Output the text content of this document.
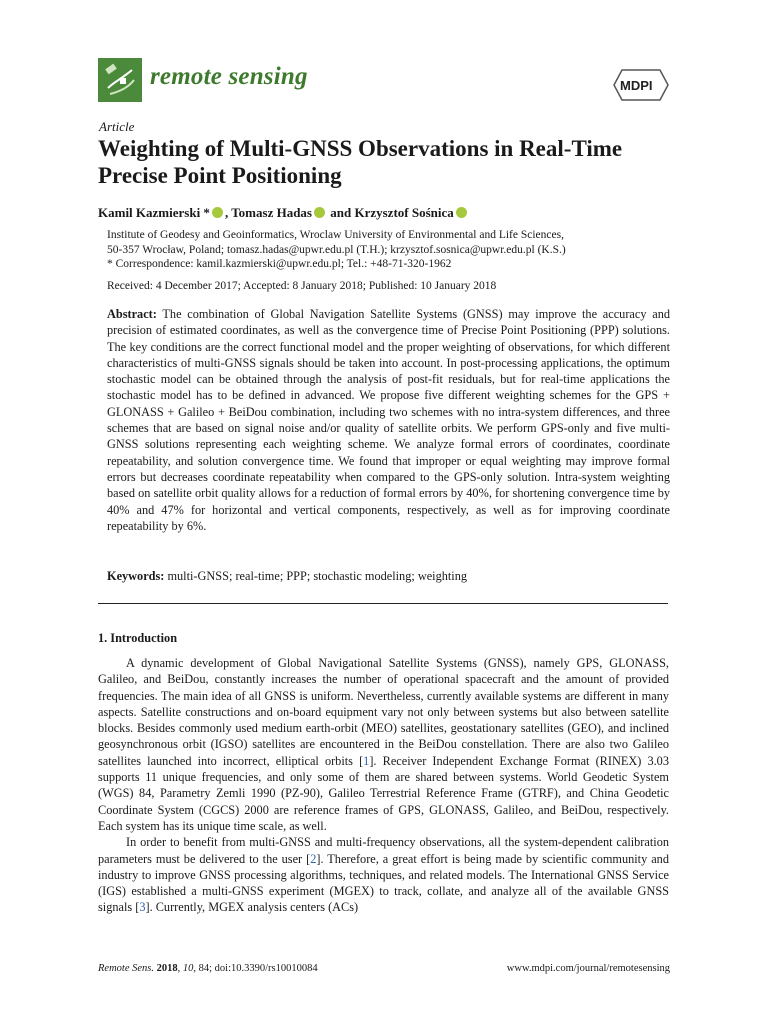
remote sensing	MDPI
Article
Weighting of Multi-GNSS Observations in Real-Time Precise Point Positioning
Kamil Kazmierski * , Tomasz Hadas and Krzysztof Sośnica
Institute of Geodesy and Geoinformatics, Wroclaw University of Environmental and Life Sciences,
50-357 Wrocław, Poland; tomasz.hadas@upwr.edu.pl (T.H.); krzysztof.sosnica@upwr.edu.pl (K.S.)
* Correspondence: kamil.kazmierski@upwr.edu.pl; Tel.: +48-71-320-1962
Received: 4 December 2017; Accepted: 8 January 2018; Published: 10 January 2018
Abstract: The combination of Global Navigation Satellite Systems (GNSS) may improve the accuracy and precision of estimated coordinates, as well as the convergence time of Precise Point Positioning (PPP) solutions. The key conditions are the correct functional model and the proper weighting of observations, for which different characteristics of multi-GNSS signals should be taken into account. In post-processing applications, the optimum stochastic model can be obtained through the analysis of post-fit residuals, but for real-time applications the stochastic model has to be defined in advanced. We propose five different weighting schemes for the GPS + GLONASS + Galileo + BeiDou combination, including two schemes with no intra-system differences, and three schemes that are based on signal noise and/or quality of satellite orbits. We perform GPS-only and five multi-GNSS solutions representing each weighting scheme. We analyze formal errors of coordinates, coordinate repeatability, and solution convergence time. We found that improper or equal weighting may improve formal errors but decreases coordinate repeatability when compared to the GPS-only solution. Intra-system weighting based on satellite orbit quality allows for a reduction of formal errors by 40%, for shortening convergence time by 40% and 47% for horizontal and vertical components, respectively, as well as for improving coordinate repeatability by 6%.
Keywords: multi-GNSS; real-time; PPP; stochastic modeling; weighting
1. Introduction

A dynamic development of Global Navigational Satellite Systems (GNSS), namely GPS, GLONASS, Galileo, and BeiDou, constantly increases the number of operational spacecraft and the amount of provided frequencies. The main idea of all GNSS is uniform. Nevertheless, currently available systems are different in many aspects. Satellite constructions and on-board equipment vary not only between systems but also between satellite blocks. Besides commonly used medium earth-orbit (MEO) satellites, geostationary satellites (GEO), and inclined geosynchronous orbit (IGSO) satellites are encountered in the BeiDou constellation. There are also two Galileo satellites launched into incorrect, elliptical orbits [1]. Receiver Independent Exchange Format (RINEX) 3.03 supports 11 unique frequencies, and only some of them are shared between systems. World Geodetic System (WGS) 84, Parametry Zemli 1990 (PZ-90), Galileo Terrestrial Reference Frame (GTRF), and China Geodetic Coordinate System (CGCS) 2000 are reference frames of GPS, GLONASS, Galileo, and BeiDou, respectively. Each system has its unique time scale, as well.

In order to benefit from multi-GNSS and multi-frequency observations, all the system-dependent calibration parameters must be delivered to the user [2]. Therefore, a great effort is being made by scientific community and industry to improve GNSS processing algorithms, techniques, and related models. The International GNSS Service (IGS) established a multi-GNSS experiment (MGEX) to track, collate, and analyze all of the available GNSS signals [3]. Currently, MGEX analysis centers (ACs)

Remote Sens. 2018, 10, 84; doi:10.3390/rs10010084	www.mdpi.com/journal/remotesensing
